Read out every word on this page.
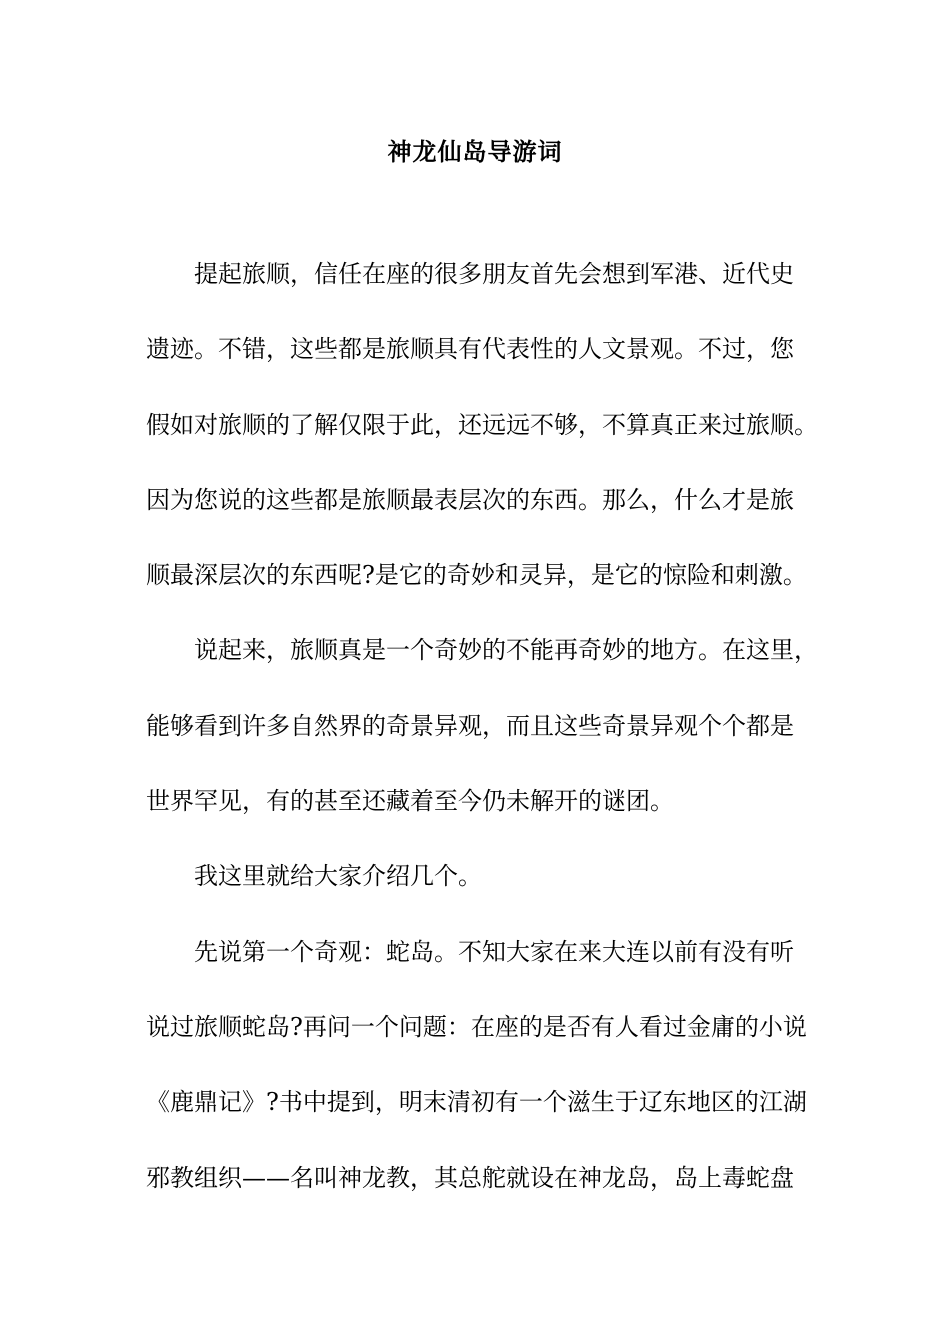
神龙仙岛导游词
提起旅顺，信任在座的很多朋友首先会想到军港、近代史
遗迹。不错，这些都是旅顺具有代表性的人文景观。不过，您
假如对旅顺的了解仅限于此，还远远不够，不算真正来过旅顺。
因为您说的这些都是旅顺最表层次的东西。那么，什么才是旅
顺最深层次的东西呢?是它的奇妙和灵异，是它的惊险和刺激。
说起来，旅顺真是一个奇妙的不能再奇妙的地方。在这里，
能够看到许多自然界的奇景异观，而且这些奇景异观个个都是
世界罕见，有的甚至还藏着至今仍未解开的谜团。
我这里就给大家介绍几个。
先说第一个奇观：蛇岛。不知大家在来大连以前有没有听
说过旅顺蛇岛?再问一个问题：在座的是否有人看过金庸的小说
《鹿鼎记》?书中提到，明末清初有一个滋生于辽东地区的江湖
邪教组织——名叫神龙教，其总舵就设在神龙岛，岛上毒蛇盘
